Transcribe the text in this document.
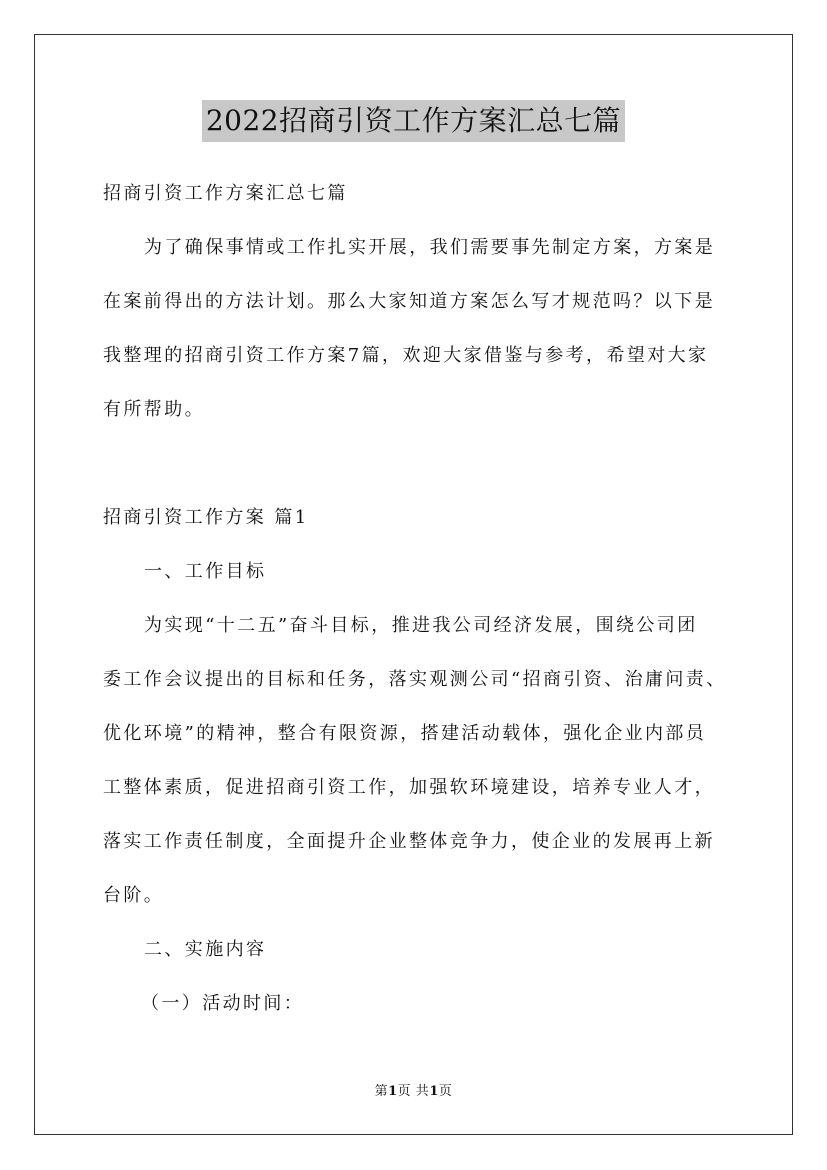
2022招商引资工作方案汇总七篇
招商引资工作方案汇总七篇
为了确保事情或工作扎实开展，我们需要事先制定方案，方案是
在案前得出的方法计划。那么大家知道方案怎么写才规范吗？以下是
我整理的招商引资工作方案7篇，欢迎大家借鉴与参考，希望对大家
有所帮助。
招商引资工作方案 篇1
一、工作目标
为实现“十二五”奋斗目标，推进我公司经济发展，围绕公司团
委工作会议提出的目标和任务，落实观测公司“招商引资、治庸问责、
优化环境”的精神，整合有限资源，搭建活动载体，强化企业内部员
工整体素质，促进招商引资工作，加强软环境建设，培养专业人才，
落实工作责任制度，全面提升企业整体竞争力，使企业的发展再上新
台阶。
二、实施内容
（一）活动时间：
第1页 共1页
